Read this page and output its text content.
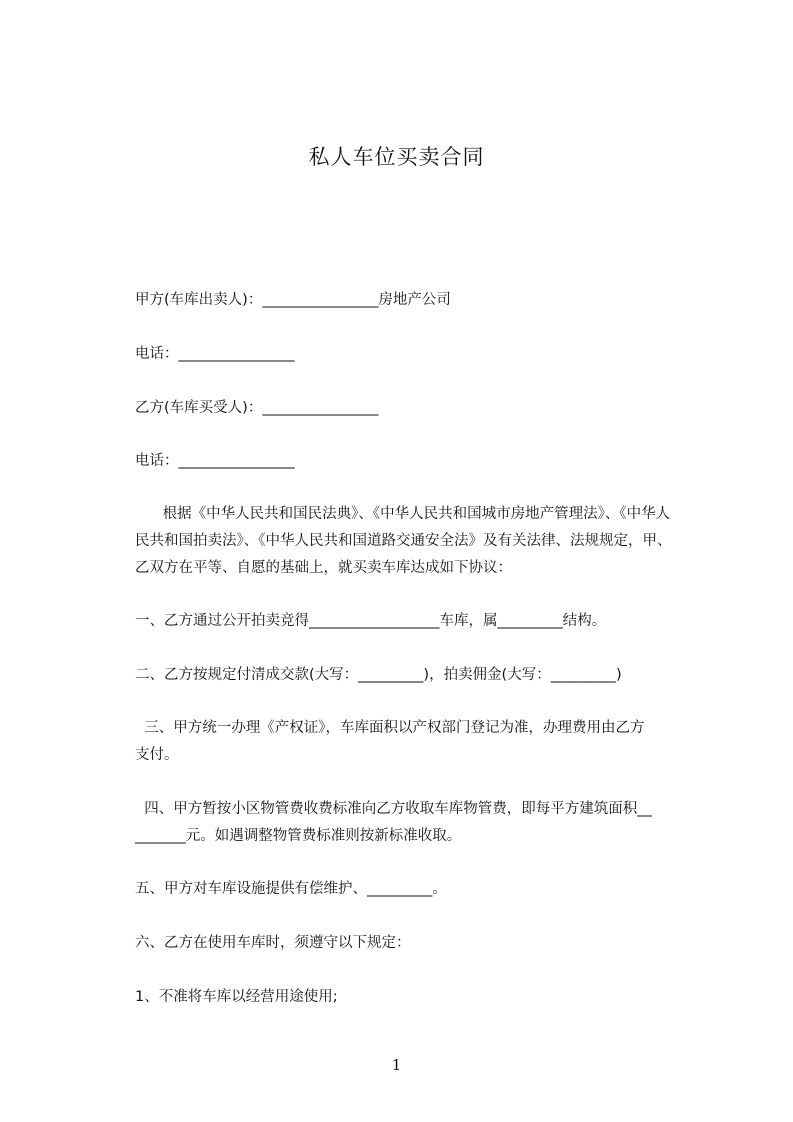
私人车位买卖合同
甲方(车库出卖人)：________________房地产公司
电话：________________
乙方(车库买受人)：________________
电话：________________
根据《中华人民共和国民法典》、《中华人民共和国城市房地产管理法》、《中华人
民共和国拍卖法》、《中华人民共和国道路交通安全法》及有关法律、法规规定，甲、
乙双方在平等、自愿的基础上，就买卖车库达成如下协议：
一、乙方通过公开拍卖竞得__________________车库，属_________结构。
二、乙方按规定付清成交款(大写：_________)，拍卖佣金(大写：_________)
三、甲方统一办理《产权证》，车库面积以产权部门登记为准，办理费用由乙方
支付。
四、甲方暂按小区物管费收费标准向乙方收取车库物管费，即每平方建筑面积__
_______元。如遇调整物管费标准则按新标准收取。
五、甲方对车库设施提供有偿维护、_________。
六、乙方在使用车库时，须遵守以下规定：
1、不准将车库以经营用途使用;
1
